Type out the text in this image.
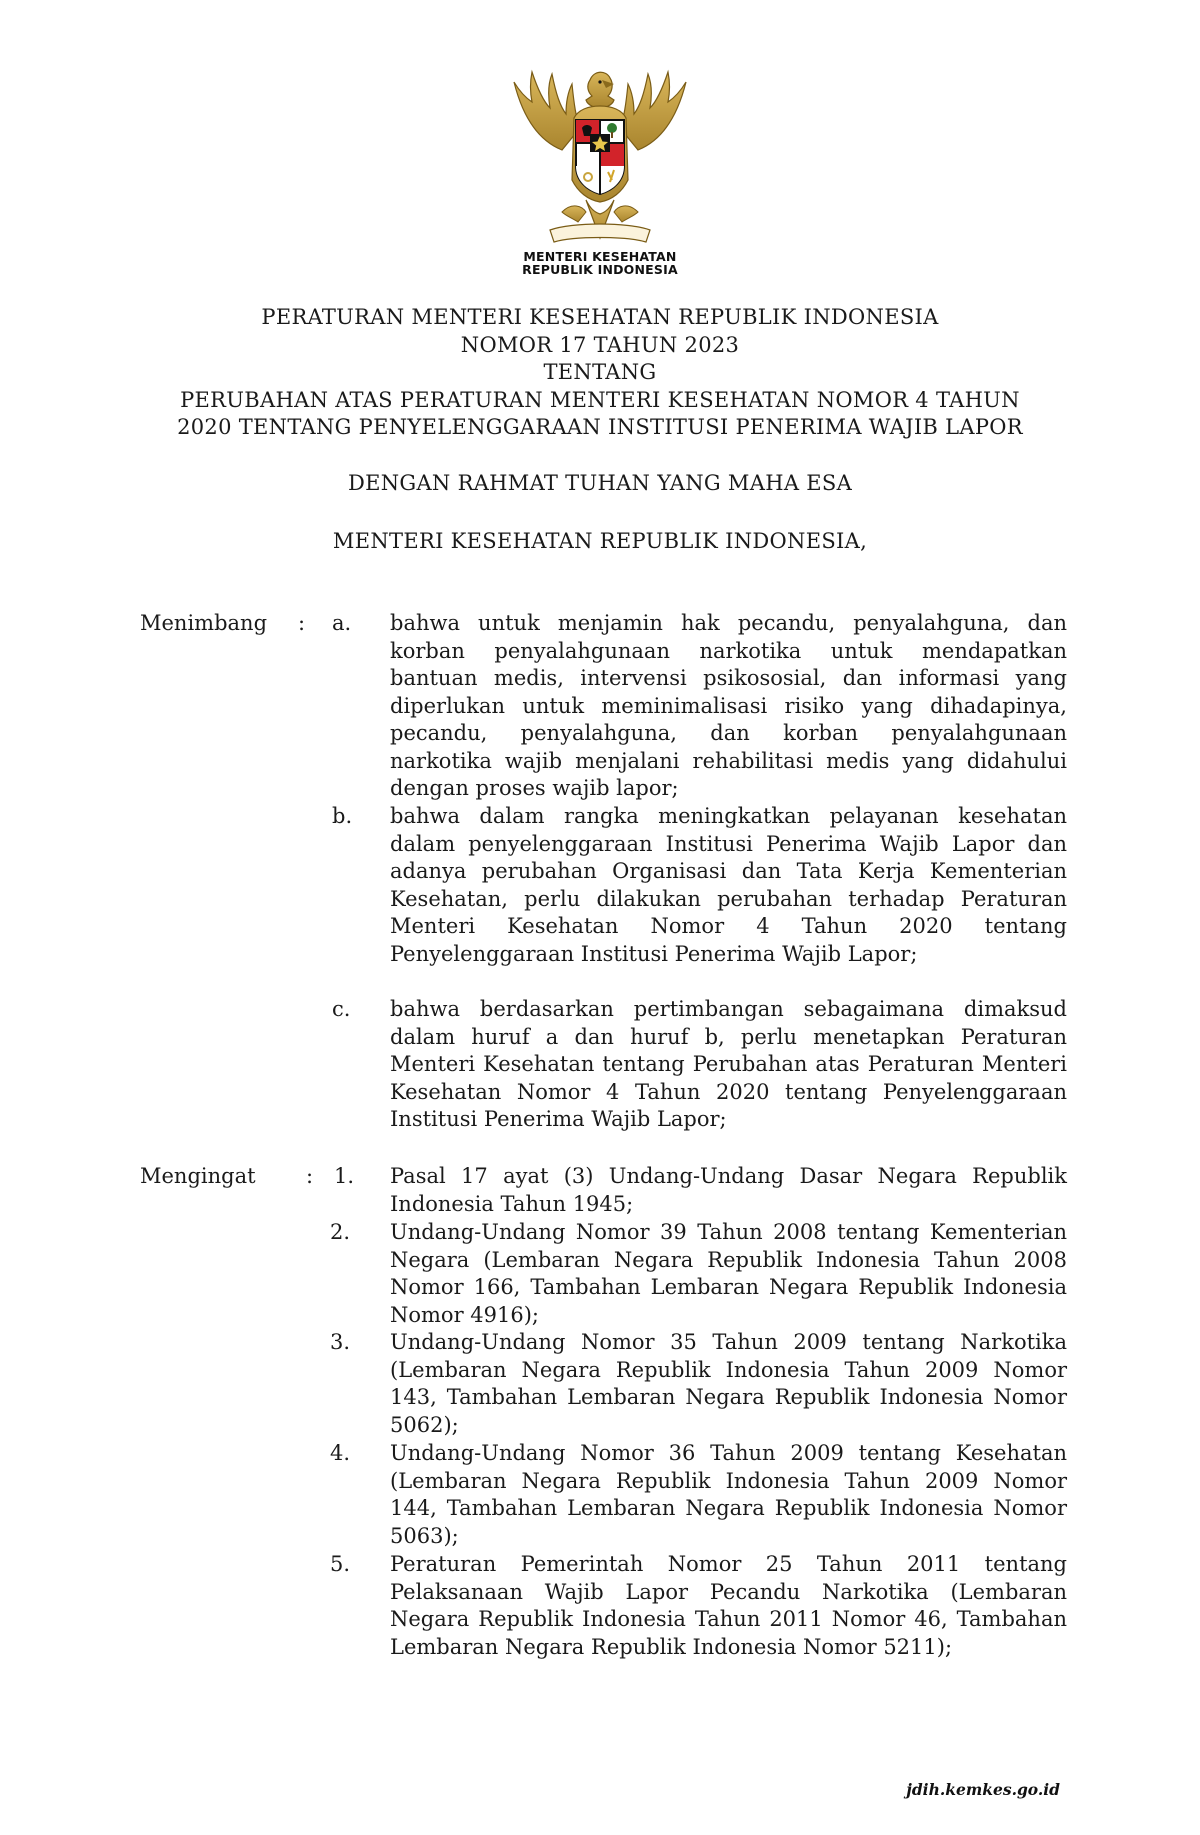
MENTERI KESEHATAN
REPUBLIK INDONESIA
PERATURAN MENTERI KESEHATAN REPUBLIK INDONESIA
NOMOR 17 TAHUN 2023
TENTANG
PERUBAHAN ATAS PERATURAN MENTERI KESEHATAN NOMOR 4 TAHUN
2020 TENTANG PENYELENGGARAAN INSTITUSI PENERIMA WAJIB LAPOR
DENGAN RAHMAT TUHAN YANG MAHA ESA
MENTERI KESEHATAN REPUBLIK INDONESIA,
Menimbang : a. bahwa untuk menjamin hak pecandu, penyalahguna, dan korban penyalahgunaan narkotika untuk mendapatkan bantuan medis, intervensi psikososial, dan informasi yang diperlukan untuk meminimalisasi risiko yang dihadapinya, pecandu, penyalahguna, dan korban penyalahgunaan narkotika wajib menjalani rehabilitasi medis yang didahului dengan proses wajib lapor;
b. bahwa dalam rangka meningkatkan pelayanan kesehatan dalam penyelenggaraan Institusi Penerima Wajib Lapor dan adanya perubahan Organisasi dan Tata Kerja Kementerian Kesehatan, perlu dilakukan perubahan terhadap Peraturan Menteri Kesehatan Nomor 4 Tahun 2020 tentang Penyelenggaraan Institusi Penerima Wajib Lapor;
c. bahwa berdasarkan pertimbangan sebagaimana dimaksud dalam huruf a dan huruf b, perlu menetapkan Peraturan Menteri Kesehatan tentang Perubahan atas Peraturan Menteri Kesehatan Nomor 4 Tahun 2020 tentang Penyelenggaraan Institusi Penerima Wajib Lapor;
Mengingat : 1. Pasal 17 ayat (3) Undang-Undang Dasar Negara Republik Indonesia Tahun 1945;
2. Undang-Undang Nomor 39 Tahun 2008 tentang Kementerian Negara (Lembaran Negara Republik Indonesia Tahun 2008 Nomor 166, Tambahan Lembaran Negara Republik Indonesia Nomor 4916);
3. Undang-Undang Nomor 35 Tahun 2009 tentang Narkotika (Lembaran Negara Republik Indonesia Tahun 2009 Nomor 143, Tambahan Lembaran Negara Republik Indonesia Nomor 5062);
4. Undang-Undang Nomor 36 Tahun 2009 tentang Kesehatan (Lembaran Negara Republik Indonesia Tahun 2009 Nomor 144, Tambahan Lembaran Negara Republik Indonesia Nomor 5063);
5. Peraturan Pemerintah Nomor 25 Tahun 2011 tentang Pelaksanaan Wajib Lapor Pecandu Narkotika (Lembaran Negara Republik Indonesia Tahun 2011 Nomor 46, Tambahan Lembaran Negara Republik Indonesia Nomor 5211);
jdih.kemkes.go.id
